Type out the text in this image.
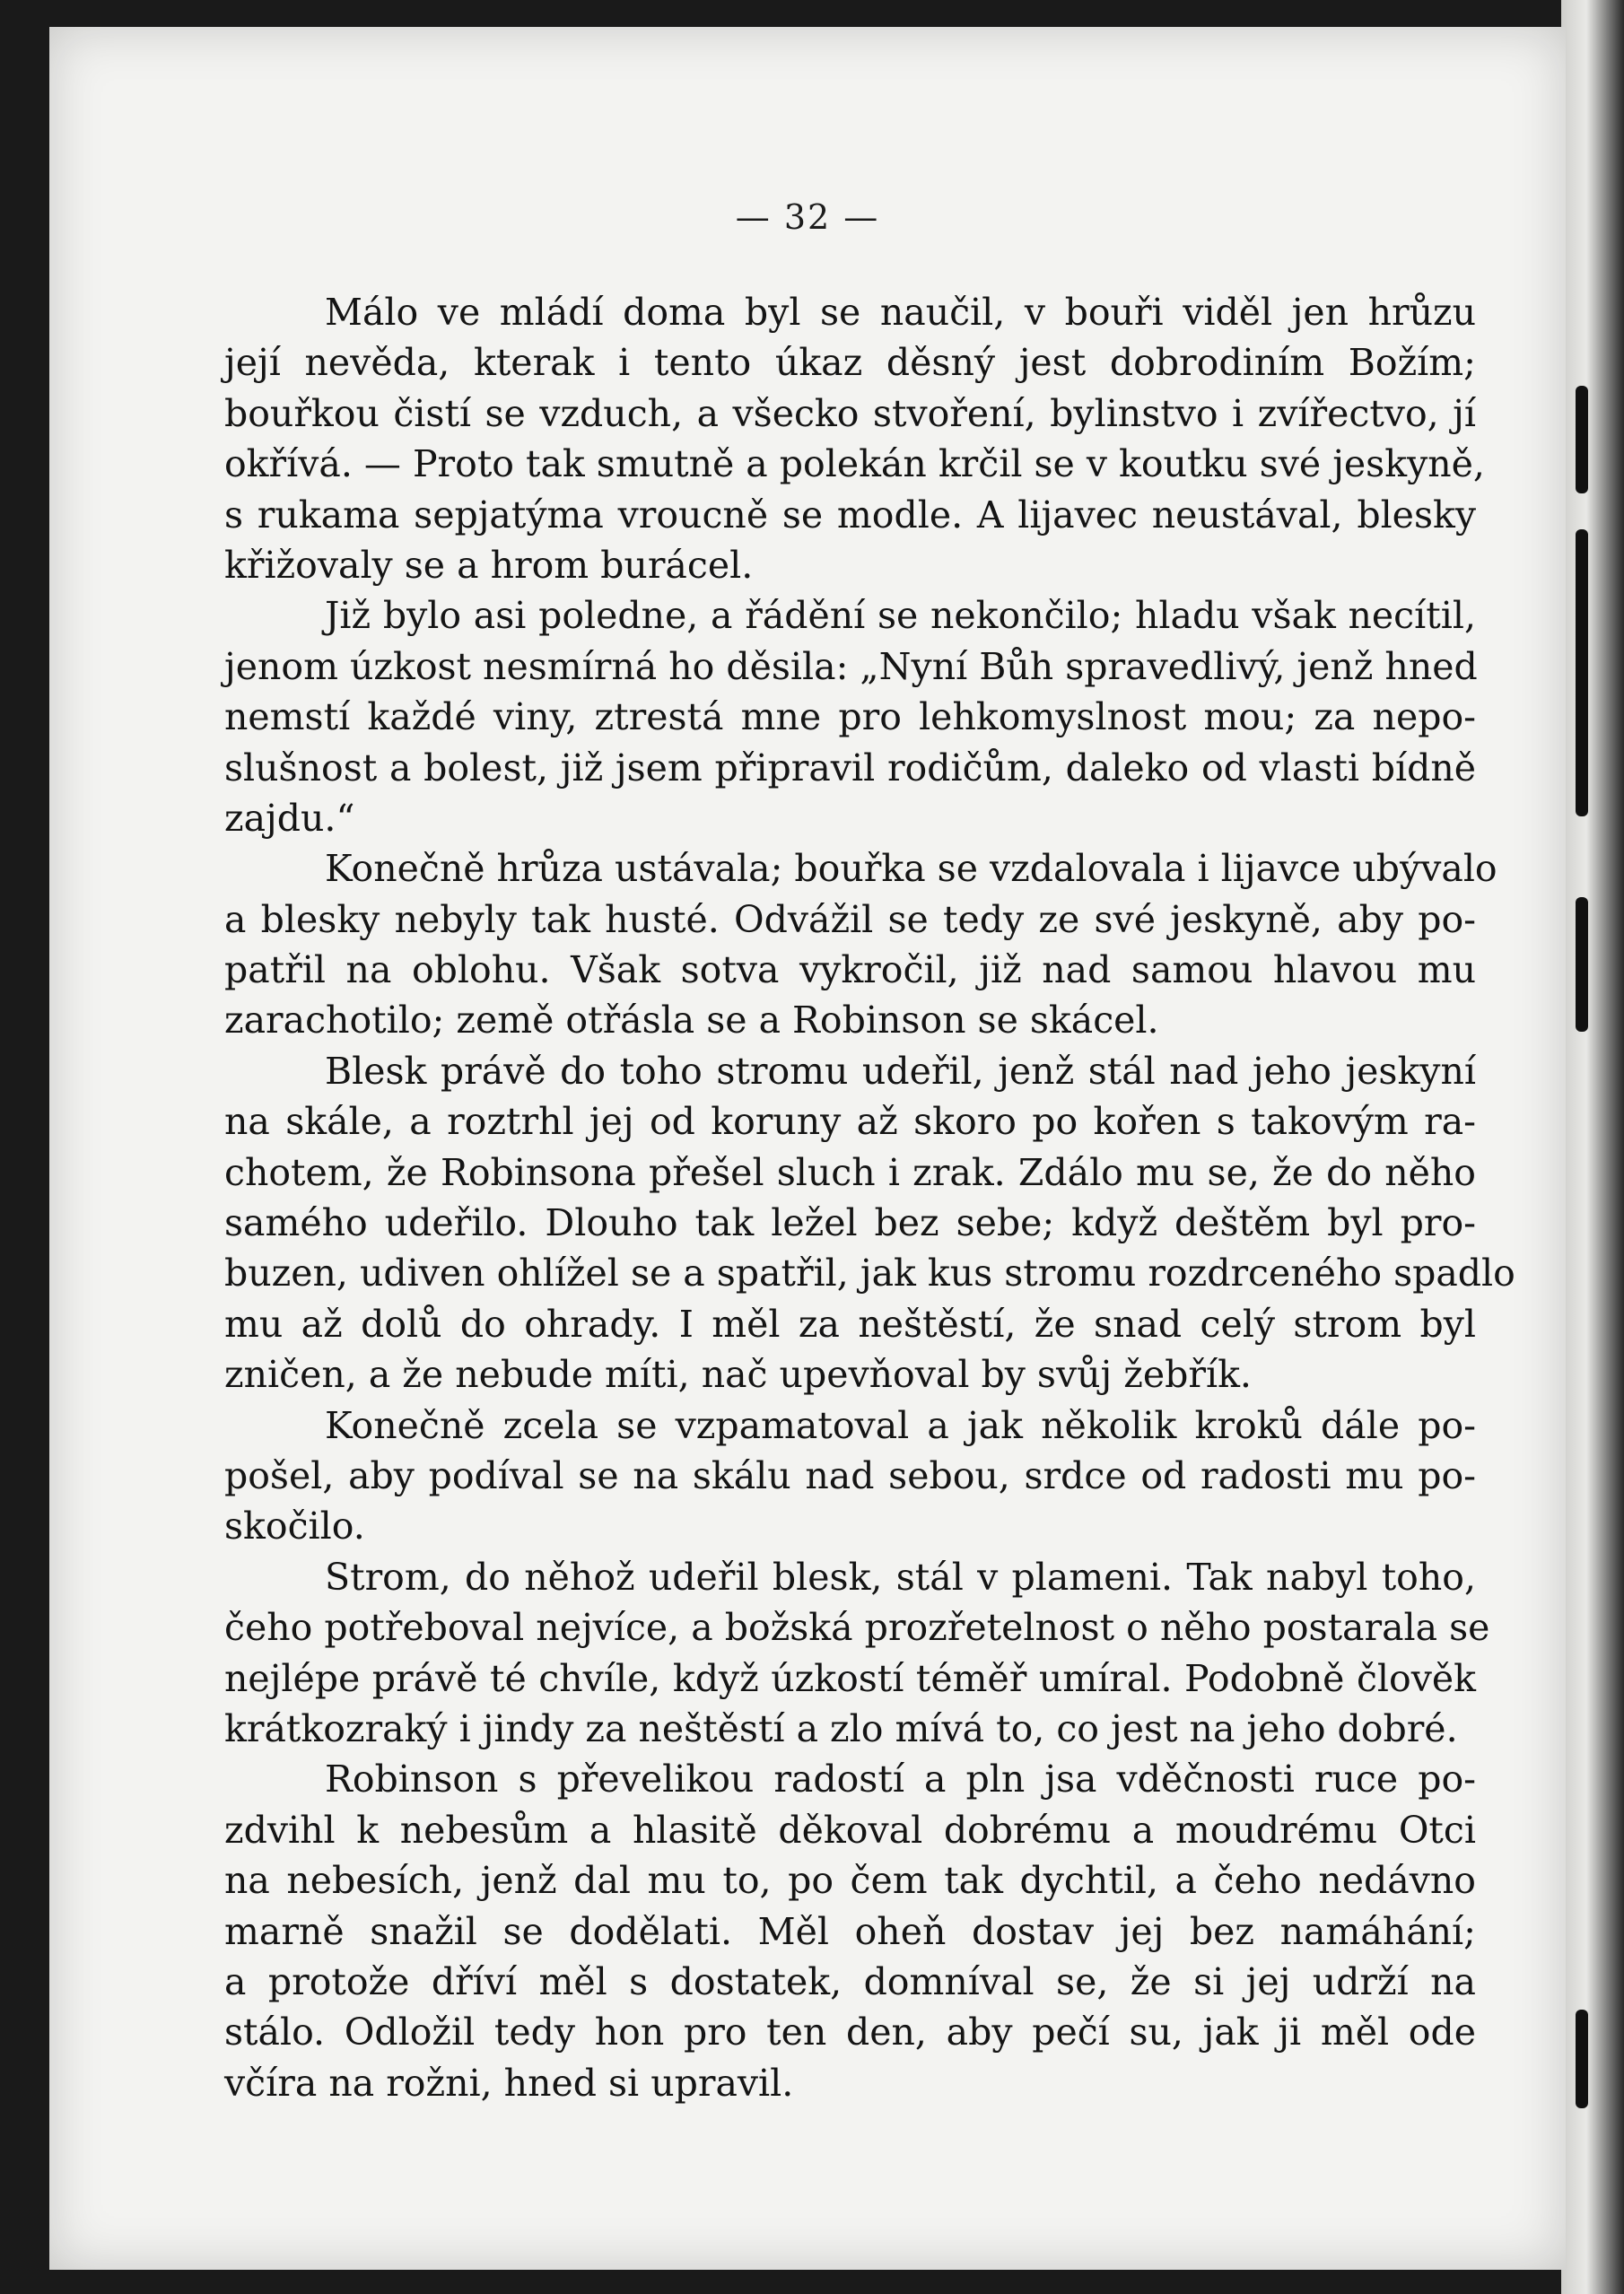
— 32 —
Málo ve mládí doma byl se naučil, v bouři viděl jen hrůzu
její nevěda, kterak i tento úkaz děsný jest dobrodiním Božím;
bouřkou čistí se vzduch, a všecko stvoření, bylinstvo i zvířectvo, jí
okřívá. — Proto tak smutně a polekán krčil se v koutku své jeskyně,
s rukama sepjatýma vroucně se modle. A lijavec neustával, blesky
křižovaly se a hrom burácel.
Již bylo asi poledne, a řádění se nekončilo; hladu však necítil,
jenom úzkost nesmírná ho děsila: „Nyní Bůh spravedlivý, jenž hned
nemstí každé viny, ztrestá mne pro lehkomyslnost mou; za nepo-
slušnost a bolest, již jsem připravil rodičům, daleko od vlasti bídně
zajdu.“
Konečně hrůza ustávala; bouřka se vzdalovala i lijavce ubývalo
a blesky nebyly tak husté. Odvážil se tedy ze své jeskyně, aby po-
patřil na oblohu. Však sotva vykročil, již nad samou hlavou mu
zarachotilo; země otřásla se a Robinson se skácel.
Blesk právě do toho stromu udeřil, jenž stál nad jeho jeskyní
na skále, a roztrhl jej od koruny až skoro po kořen s takovým ra-
chotem, že Robinsona přešel sluch i zrak. Zdálo mu se, že do něho
samého udeřilo. Dlouho tak ležel bez sebe; když deštěm byl pro-
buzen, udiven ohlížel se a spatřil, jak kus stromu rozdrceného spadlo
mu až dolů do ohrady. I měl za neštěstí, že snad celý strom byl
zničen, a že nebude míti, nač upevňoval by svůj žebřík.
Konečně zcela se vzpamatoval a jak několik kroků dále po-
pošel, aby podíval se na skálu nad sebou, srdce od radosti mu po-
skočilo.
Strom, do něhož udeřil blesk, stál v plameni. Tak nabyl toho,
čeho potřeboval nejvíce, a božská prozřetelnost o něho postarala se
nejlépe právě té chvíle, když úzkostí téměř umíral. Podobně člověk
krátkozraký i jindy za neštěstí a zlo mívá to, co jest na jeho dobré.
Robinson s převelikou radostí a pln jsa vděčnosti ruce po-
zdvihl k nebesům a hlasitě děkoval dobrému a moudrému Otci
na nebesích, jenž dal mu to, po čem tak dychtil, a čeho nedávno
marně snažil se dodělati. Měl oheň dostav jej bez namáhání;
a protože dříví měl s dostatek, domníval se, že si jej udrží na
stálo. Odložil tedy hon pro ten den, aby pečí su, jak ji měl ode
včíra na rožni, hned si upravil.
